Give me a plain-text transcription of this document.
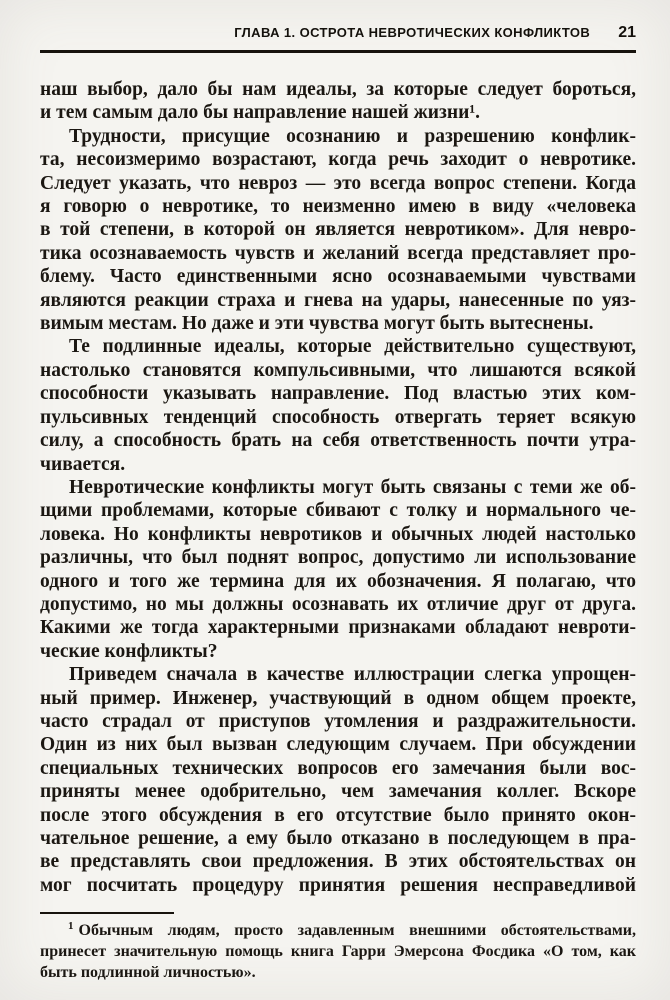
ГЛАВА 1. ОСТРОТА НЕВРОТИЧЕСКИХ КОНФЛИКТОВ 21
наш выбор, дало бы нам идеалы, за которые следует бороться,
и тем самым дало бы направление нашей жизни¹.
Трудности, присущие осознанию и разрешению конфлик-
та, несоизмеримо возрастают, когда речь заходит о невротике.
Следует указать, что невроз — это всегда вопрос степени. Когда
я говорю о невротике, то неизменно имею в виду «человека
в той степени, в которой он является невротиком». Для невро-
тика осознаваемость чувств и желаний всегда представляет про-
блему. Часто единственными ясно осознаваемыми чувствами
являются реакции страха и гнева на удары, нанесенные по уяз-
вимым местам. Но даже и эти чувства могут быть вытеснены.
Те подлинные идеалы, которые действительно существуют,
настолько становятся компульсивными, что лишаются всякой
способности указывать направление. Под властью этих ком-
пульсивных тенденций способность отвергать теряет всякую
силу, а способность брать на себя ответственность почти утра-
чивается.
Невротические конфликты могут быть связаны с теми же об-
щими проблемами, которые сбивают с толку и нормального че-
ловека. Но конфликты невротиков и обычных людей настолько
различны, что был поднят вопрос, допустимо ли использование
одного и того же термина для их обозначения. Я полагаю, что
допустимо, но мы должны осознавать их отличие друг от друга.
Какими же тогда характерными признаками обладают невроти-
ческие конфликты?
Приведем сначала в качестве иллюстрации слегка упрощен-
ный пример. Инженер, участвующий в одном общем проекте,
часто страдал от приступов утомления и раздражительности.
Один из них был вызван следующим случаем. При обсуждении
специальных технических вопросов его замечания были вос-
приняты менее одобрительно, чем замечания коллег. Вскоре
после этого обсуждения в его отсутствие было принято окон-
чательное решение, а ему было отказано в последующем в пра-
ве представлять свои предложения. В этих обстоятельствах он
мог посчитать процедуру принятия решения несправедливой
$^1$ Обычным людям, просто задавленным внешними обстоятельствами,
принесет значительную помощь книга Гарри Эмерсона Фосдика «О том, как
быть подлинной личностью».
